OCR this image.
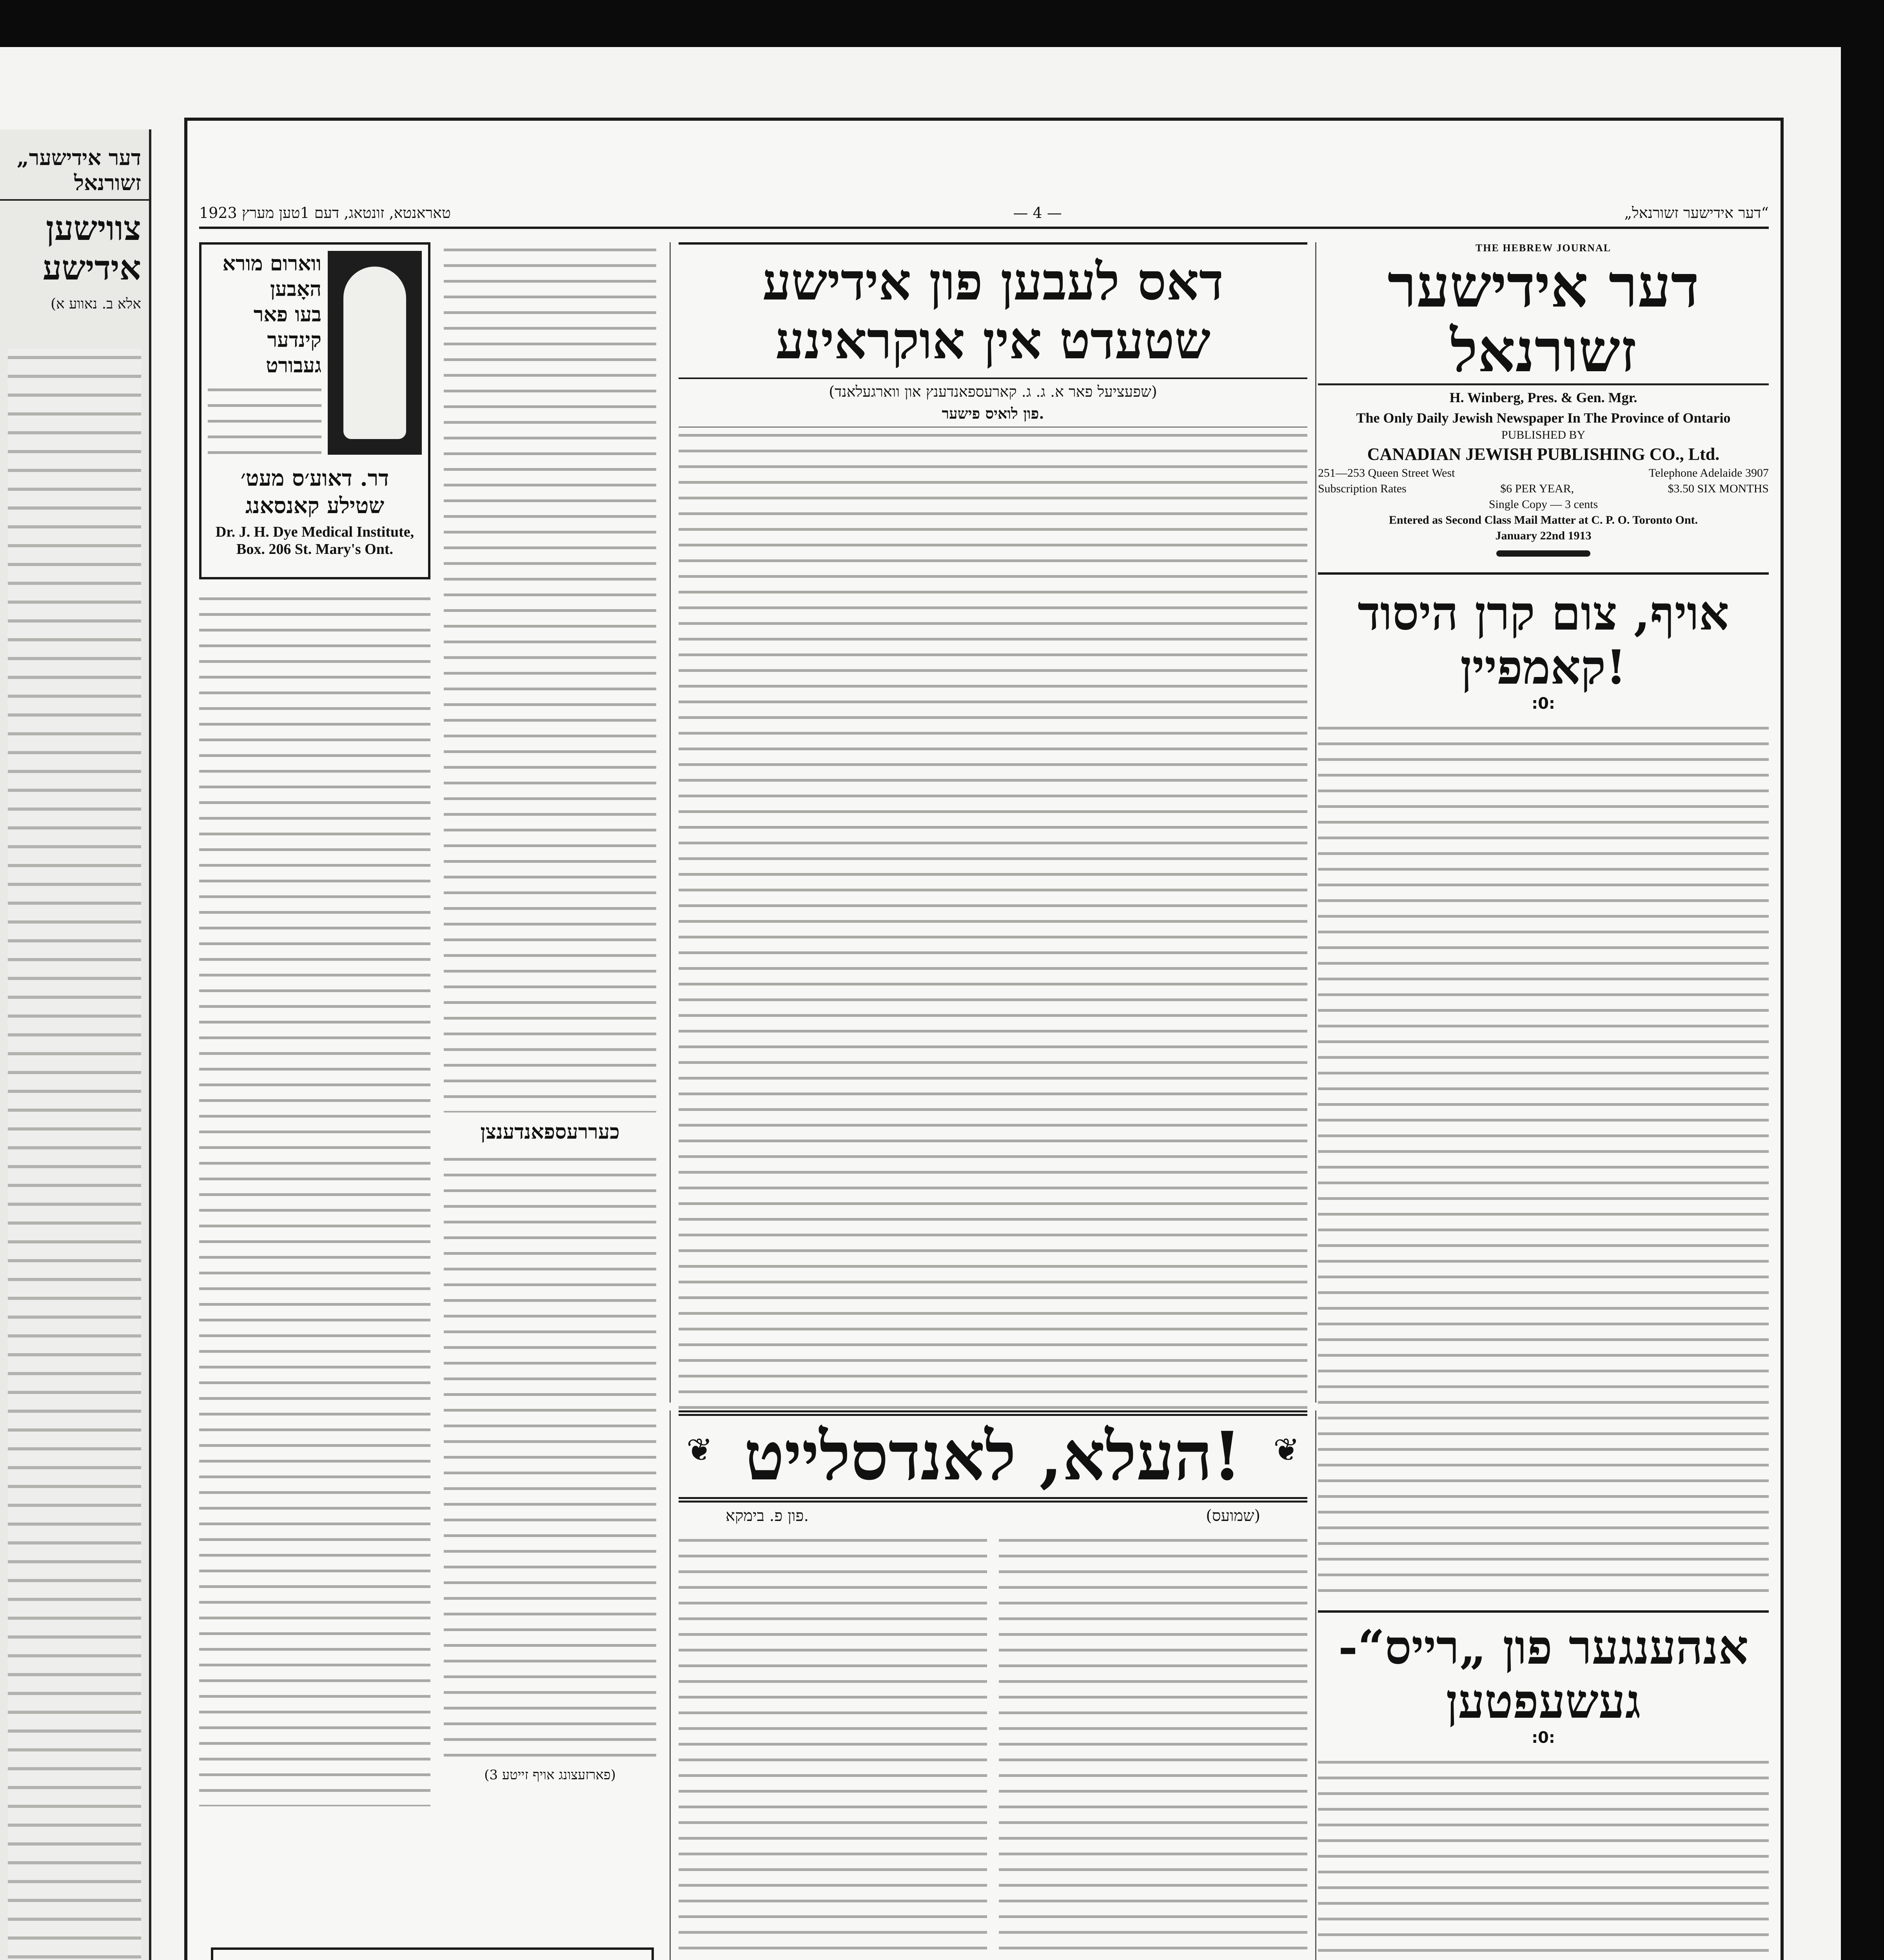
„דער אידישער זשורנאל
צווישען אידישע
(אלא ב. נאווע א
טאראנטא, זונטאג, דעם 1טען מערץ 1923	— 4 —	„דער אידישער זשורנאל“
THE HEBREW JOURNAL
דער אידישער זשורנאל
H. Winberg, Pres. & Gen. Mgr.
The Only Daily Jewish Newspaper In The Province of Ontario
PUBLISHED BY
CANADIAN JEWISH PUBLISHING CO., Ltd.
251—253 Queen Street West	Telephone Adelaide 3907
Subscription Rates	$6 PER YEAR,	$3.50 SIX MONTHS
Single Copy — 3 cents
Entered as Second Class Mail Matter at C. P. O. Toronto Ont.
January 22nd 1913
אויף, צום קרן היסוד קאמפיין!
:0:
אנהענגער פון „רייס“-געשעפטען
:0:
דאס לעבען פון אידישע שטעדט אין אוקראינע
(שפעציעל פאר א. ג. ג. קארעספאנדענץ און ווארגעלאנד)
פון לואיס פישער.
❦ העלא, לאנדסלייט!	❦
פון פ. בימקא.	(שמועס)
כעררעספאנדענצן
(פארזעצונג אויף זייטע 3)
ווארום מורא האָבען
בעו פאר קינדער
געבורט
דר. דאוע׳ס מעט׳
שטילע קאנסאנג
Dr. J. H. Dye Medical Institute, Box. 206 St. Mary's Ont.
